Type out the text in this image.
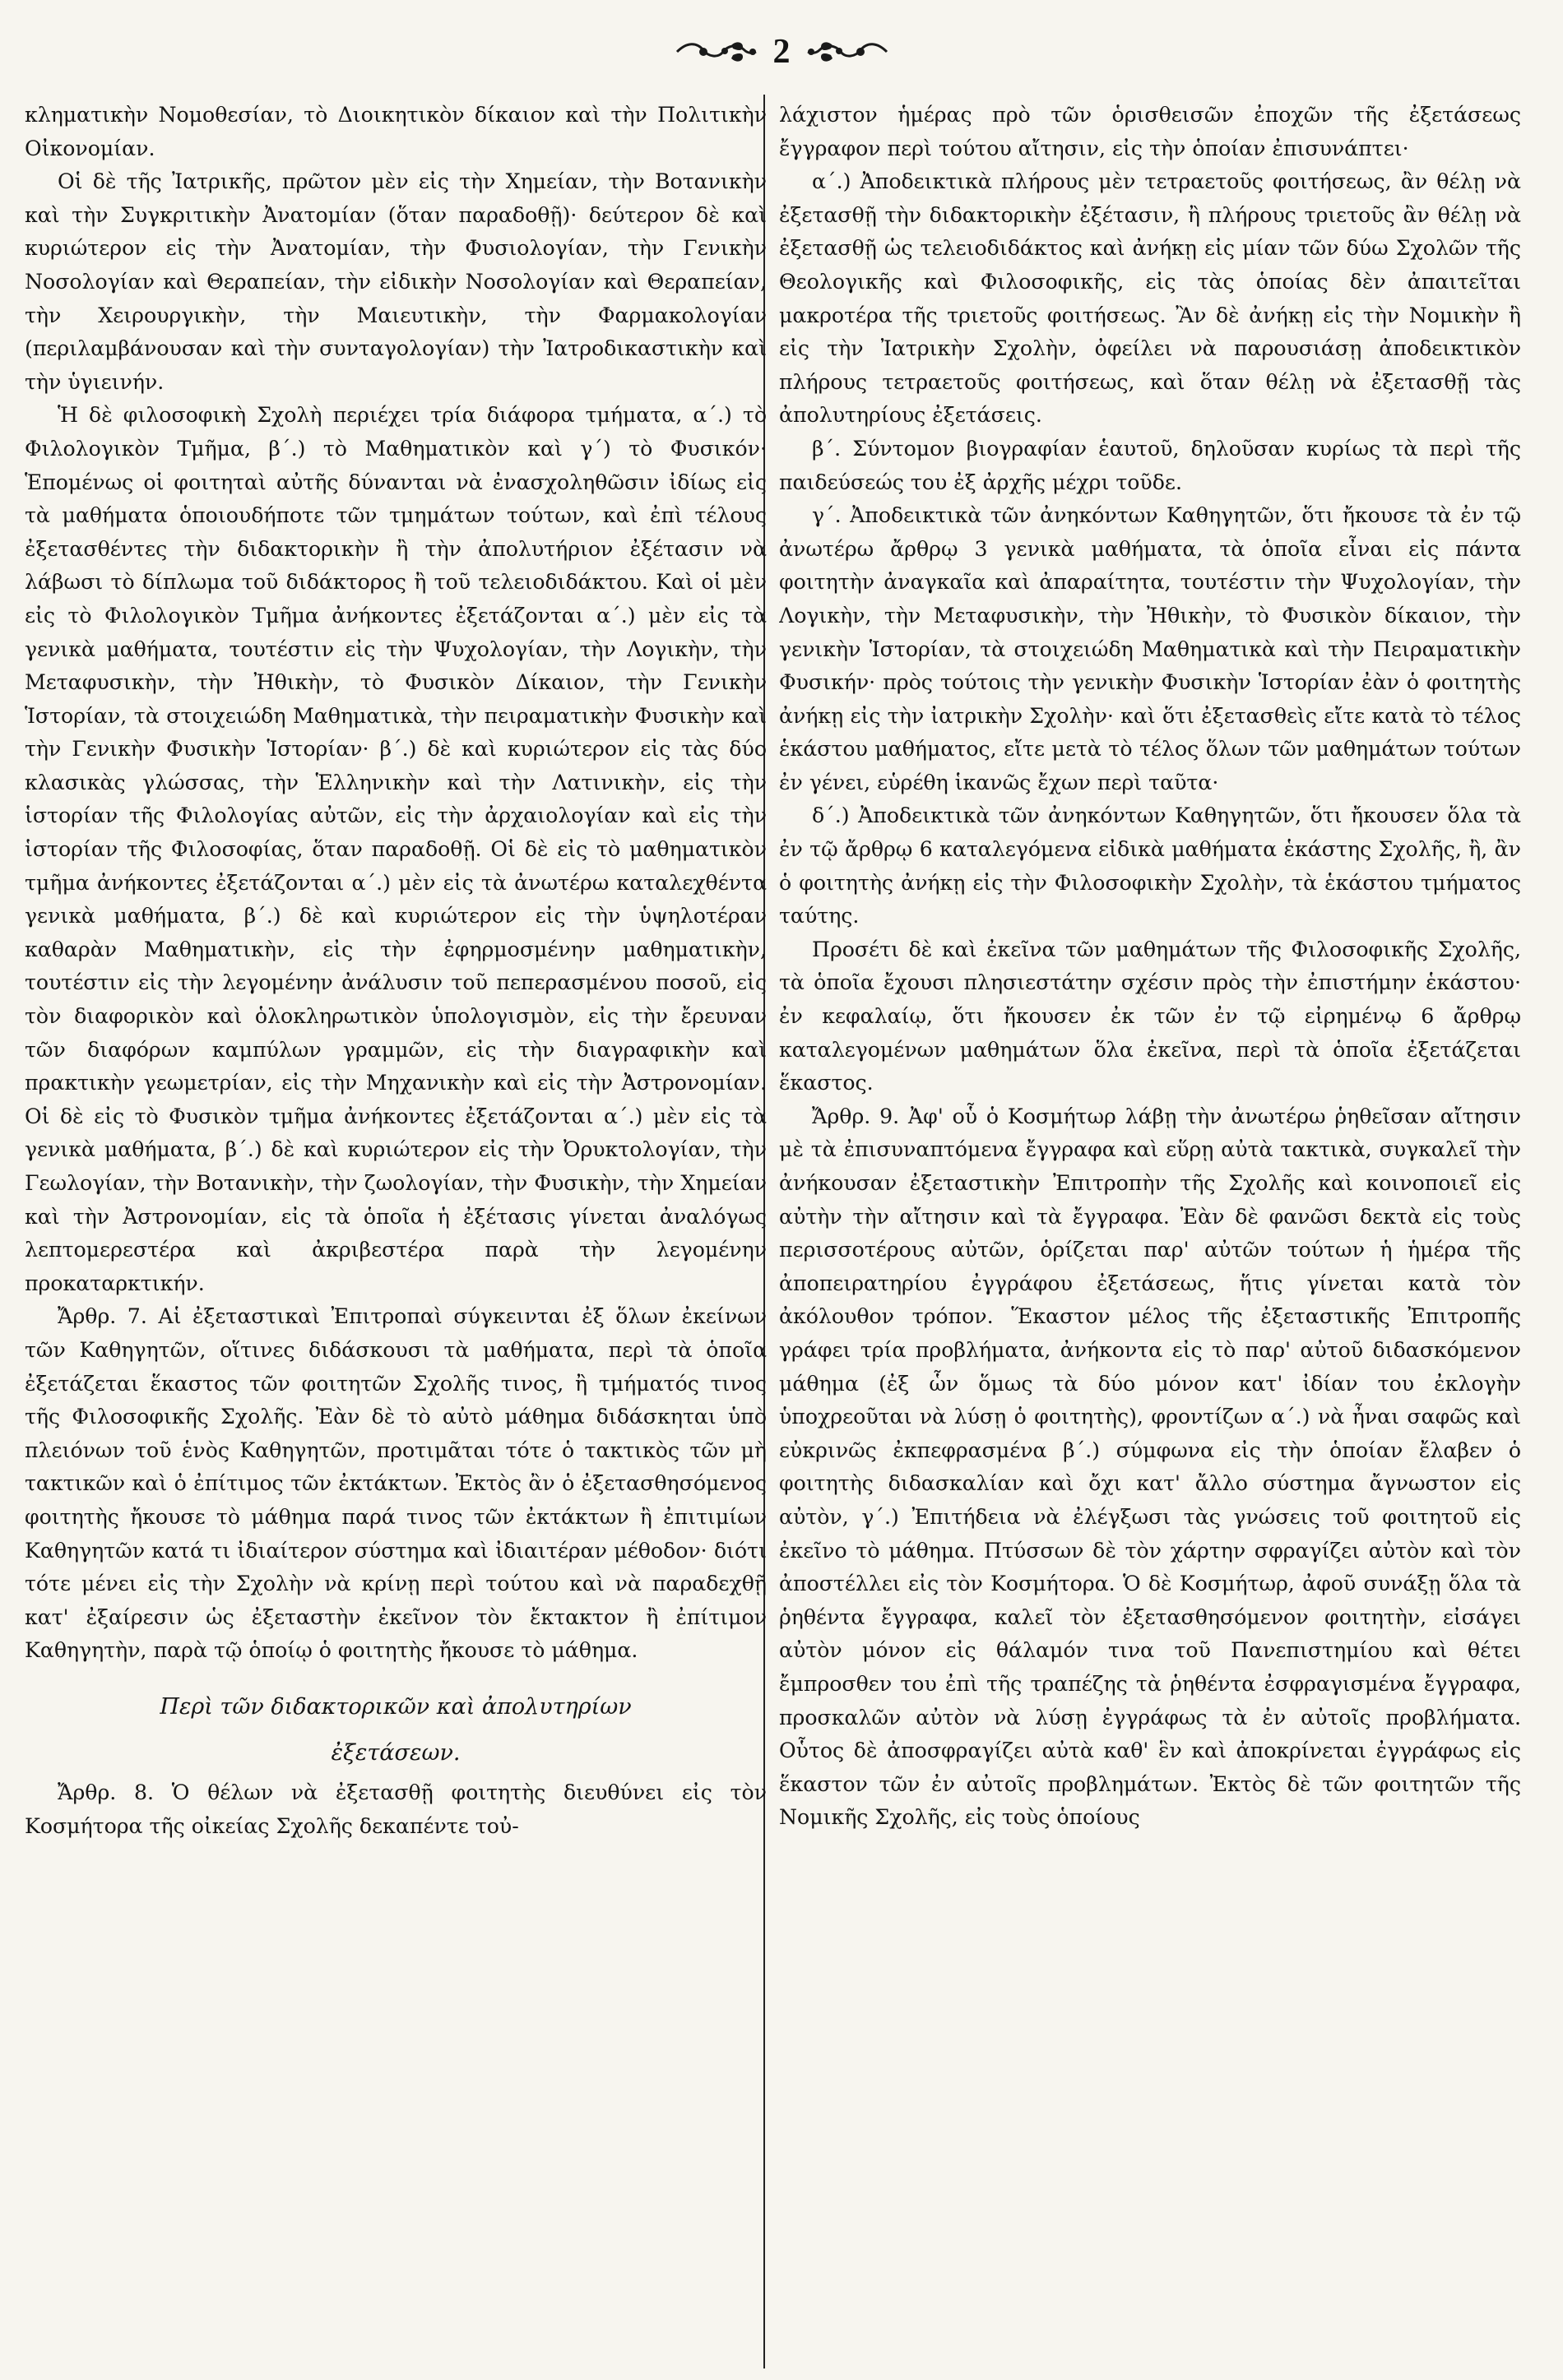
2

κληματικὴν Νομοθεσίαν, τὸ Διοικητικὸν δίκαιον καὶ τὴν Πολιτικὴν Οἰκονομίαν.

Οἱ δὲ τῆς Ἰατρικῆς, πρῶτον μὲν εἰς τὴν Χημείαν, τὴν Βοτανικὴν καὶ τὴν Συγκριτικὴν Ἀνατομίαν (ὅταν παραδοθῇ)· δεύτερον δὲ καὶ κυριώτερον εἰς τὴν Ἀνατομίαν, τὴν Φυσιολογίαν, τὴν Γενικὴν Νοσολογίαν καὶ Θεραπείαν, τὴν εἰδικὴν Νοσολογίαν καὶ Θεραπείαν, τὴν Χειρουργικὴν, τὴν Μαιευτικὴν, τὴν Φαρμακολογίαν (περιλαμβάνουσαν καὶ τὴν συνταγολογίαν) τὴν Ἰατροδικαστικὴν καὶ τὴν ὑγιεινήν.

Ἡ δὲ φιλοσοφικὴ Σχολὴ περιέχει τρία διάφορα τμήματα, α΄.) τὸ Φιλολογικὸν Τμῆμα, β΄.) τὸ Μαθηματικὸν καὶ γ΄) τὸ Φυσικόν· Ἑπομένως οἱ φοιτηταὶ αὐτῆς δύνανται νὰ ἐνασχοληθῶσιν ἰδίως εἰς τὰ μαθήματα ὁποιουδήποτε τῶν τμημάτων τούτων, καὶ ἐπὶ τέλους ἐξετασθέντες τὴν διδακτορικὴν ἢ τὴν ἀπολυτήριον ἐξέτασιν νὰ λάβωσι τὸ δίπλωμα τοῦ διδάκτορος ἢ τοῦ τελειοδιδάκτου. Καὶ οἱ μὲν εἰς τὸ Φιλολογικὸν Τμῆμα ἀνήκοντες ἐξετάζονται α΄.) μὲν εἰς τὰ γενικὰ μαθήματα, τουτέστιν εἰς τὴν Ψυχολογίαν, τὴν Λογικὴν, τὴν Μεταφυσικὴν, τὴν Ἠθικὴν, τὸ Φυσικὸν Δίκαιον, τὴν Γενικὴν Ἱστορίαν, τὰ στοιχειώδη Μαθηματικὰ, τὴν πειραματικὴν Φυσικὴν καὶ τὴν Γενικὴν Φυσικὴν Ἱστορίαν· β΄.) δὲ καὶ κυριώτερον εἰς τὰς δύο κλασικὰς γλώσσας, τὴν Ἑλληνικὴν καὶ τὴν Λατινικὴν, εἰς τὴν ἱστορίαν τῆς Φιλολογίας αὐτῶν, εἰς τὴν ἀρχαιολογίαν καὶ εἰς τὴν ἱστορίαν τῆς Φιλοσοφίας, ὅταν παραδοθῇ. Οἱ δὲ εἰς τὸ μαθηματικὸν τμῆμα ἀνήκοντες ἐξετάζονται α΄.) μὲν εἰς τὰ ἀνωτέρω καταλεχθέντα γενικὰ μαθήματα, β΄.) δὲ καὶ κυριώτερον εἰς τὴν ὑψηλοτέραν καθαρὰν Μαθηματικὴν, εἰς τὴν ἐφηρμοσμένην μαθηματικὴν, τουτέστιν εἰς τὴν λεγομένην ἀνάλυσιν τοῦ πεπερασμένου ποσοῦ, εἰς τὸν διαφορικὸν καὶ ὁλοκληρωτικὸν ὑπολογισμὸν, εἰς τὴν ἔρευναν τῶν διαφόρων καμπύλων γραμμῶν, εἰς τὴν διαγραφικὴν καὶ πρακτικὴν γεωμετρίαν, εἰς τὴν Μηχανικὴν καὶ εἰς τὴν Ἀστρονομίαν. Οἱ δὲ εἰς τὸ Φυσικὸν τμῆμα ἀνήκοντες ἐξετάζονται α΄.) μὲν εἰς τὰ γενικὰ μαθήματα, β΄.) δὲ καὶ κυριώτερον εἰς τὴν Ὀρυκτολογίαν, τὴν Γεωλογίαν, τὴν Βοτανικὴν, τὴν ζωολογίαν, τὴν Φυσικὴν, τὴν Χημείαν καὶ τὴν Ἀστρονομίαν, εἰς τὰ ὁποῖα ἡ ἐξέτασις γίνεται ἀναλόγως λεπτομερεστέρα καὶ ἀκριβεστέρα παρὰ τὴν λεγομένην προκαταρκτικήν.

Ἄρθρ. 7. Αἱ ἐξεταστικαὶ Ἐπιτροπαὶ σύγκεινται ἐξ ὅλων ἐκείνων τῶν Καθηγητῶν, οἵτινες διδάσκουσι τὰ μαθήματα, περὶ τὰ ὁποῖα ἐξετάζεται ἕκαστος τῶν φοιτητῶν Σχολῆς τινος, ἢ τμήματός τινος τῆς Φιλοσοφικῆς Σχολῆς. Ἐὰν δὲ τὸ αὐτὸ μάθημα διδάσκηται ὑπὸ πλειόνων τοῦ ἑνὸς Καθηγητῶν, προτιμᾶται τότε ὁ τακτικὸς τῶν μὴ τακτικῶν καὶ ὁ ἐπίτιμος τῶν ἐκτάκτων. Ἐκτὸς ἂν ὁ ἐξετασθησόμενος φοιτητὴς ἤκουσε τὸ μάθημα παρά τινος τῶν ἐκτάκτων ἢ ἐπιτιμίων Καθηγητῶν κατά τι ἰδιαίτερον σύστημα καὶ ἰδιαιτέραν μέθοδον· διότι τότε μένει εἰς τὴν Σχολὴν νὰ κρίνῃ περὶ τούτου καὶ νὰ παραδεχθῇ κατ' ἐξαίρεσιν ὡς ἐξεταστὴν ἐκεῖνον τὸν ἔκτακτον ἢ ἐπίτιμον Καθηγητὴν, παρὰ τῷ ὁποίῳ ὁ φοιτητὴς ἤκουσε τὸ μάθημα.

Περὶ τῶν διδακτορικῶν καὶ ἀπολυτηρίων
ἐξετάσεων.

Ἄρθρ. 8. Ὁ θέλων νὰ ἐξετασθῇ φοιτητὴς διευθύνει εἰς τὸν Κοσμήτορα τῆς οἰκείας Σχολῆς δεκαπέντε τοὐ-

λάχιστον ἡμέρας πρὸ τῶν ὁρισθεισῶν ἐποχῶν τῆς ἐξετάσεως ἔγγραφον περὶ τούτου αἴτησιν, εἰς τὴν ὁποίαν ἐπισυνάπτει·

α΄.) Ἀποδεικτικὰ πλήρους μὲν τετραετοῦς φοιτήσεως, ἂν θέλῃ νὰ ἐξετασθῇ τὴν διδακτορικὴν ἐξέτασιν, ἢ πλήρους τριετοῦς ἂν θέλῃ νὰ ἐξετασθῇ ὡς τελειοδιδάκτος καὶ ἀνήκῃ εἰς μίαν τῶν δύω Σχολῶν τῆς Θεολογικῆς καὶ Φιλοσοφικῆς, εἰς τὰς ὁποίας δὲν ἀπαιτεῖται μακροτέρα τῆς τριετοῦς φοιτήσεως. Ἂν δὲ ἀνήκῃ εἰς τὴν Νομικὴν ἢ εἰς τὴν Ἰατρικὴν Σχολὴν, ὀφείλει νὰ παρουσιάσῃ ἀποδεικτικὸν πλήρους τετραετοῦς φοιτήσεως, καὶ ὅταν θέλῃ νὰ ἐξετασθῇ τὰς ἀπολυτηρίους ἐξετάσεις.

β΄. Σύντομον βιογραφίαν ἑαυτοῦ, δηλοῦσαν κυρίως τὰ περὶ τῆς παιδεύσεώς του ἐξ ἀρχῆς μέχρι τοῦδε.

γ΄. Ἀποδεικτικὰ τῶν ἀνηκόντων Καθηγητῶν, ὅτι ἤκουσε τὰ ἐν τῷ ἀνωτέρω ἄρθρῳ 3 γενικὰ μαθήματα, τὰ ὁποῖα εἶναι εἰς πάντα φοιτητὴν ἀναγκαῖα καὶ ἀπαραίτητα, τουτέστιν τὴν Ψυχολογίαν, τὴν Λογικὴν, τὴν Μεταφυσικὴν, τὴν Ἠθικὴν, τὸ Φυσικὸν δίκαιον, τὴν γενικὴν Ἱστορίαν, τὰ στοιχειώδη Μαθηματικὰ καὶ τὴν Πειραματικὴν Φυσικήν· πρὸς τούτοις τὴν γενικὴν Φυσικὴν Ἱστορίαν ἐὰν ὁ φοιτητὴς ἀνήκῃ εἰς τὴν ἰατρικὴν Σχολὴν· καὶ ὅτι ἐξετασθεὶς εἴτε κατὰ τὸ τέλος ἑκάστου μαθήματος, εἴτε μετὰ τὸ τέλος ὅλων τῶν μαθημάτων τούτων ἐν γένει, εὑρέθη ἱκανῶς ἔχων περὶ ταῦτα·

δ΄.) Ἀποδεικτικὰ τῶν ἀνηκόντων Καθηγητῶν, ὅτι ἤκουσεν ὅλα τὰ ἐν τῷ ἄρθρῳ 6 καταλεγόμενα εἰδικὰ μαθήματα ἑκάστης Σχολῆς, ἢ, ἂν ὁ φοιτητὴς ἀνήκῃ εἰς τὴν Φιλοσοφικὴν Σχολὴν, τὰ ἑκάστου τμήματος ταύτης.

Προσέτι δὲ καὶ ἐκεῖνα τῶν μαθημάτων τῆς Φιλοσοφικῆς Σχολῆς, τὰ ὁποῖα ἔχουσι πλησιεστάτην σχέσιν πρὸς τὴν ἐπιστήμην ἑκάστου· ἐν κεφαλαίῳ, ὅτι ἤκουσεν ἐκ τῶν ἐν τῷ εἰρημένῳ 6 ἄρθρῳ καταλεγομένων μαθημάτων ὅλα ἐκεῖνα, περὶ τὰ ὁποῖα ἐξετάζεται ἕκαστος.

Ἄρθρ. 9. Ἀφ' οὗ ὁ Κοσμήτωρ λάβῃ τὴν ἀνωτέρω ῥηθεῖσαν αἴτησιν μὲ τὰ ἐπισυναπτόμενα ἔγγραφα καὶ εὕρῃ αὐτὰ τακτικὰ, συγκαλεῖ τὴν ἀνήκουσαν ἐξεταστικὴν Ἐπιτροπὴν τῆς Σχολῆς καὶ κοινοποιεῖ εἰς αὐτὴν τὴν αἴτησιν καὶ τὰ ἔγγραφα. Ἐὰν δὲ φανῶσι δεκτὰ εἰς τοὺς περισσοτέρους αὐτῶν, ὁρίζεται παρ' αὐτῶν τούτων ἡ ἡμέρα τῆς ἀποπειρατηρίου ἐγγράφου ἐξετάσεως, ἥτις γίνεται κατὰ τὸν ἀκόλουθον τρόπον. Ἕκαστον μέλος τῆς ἐξεταστικῆς Ἐπιτροπῆς γράφει τρία προβλήματα, ἀνήκοντα εἰς τὸ παρ' αὐτοῦ διδασκόμενον μάθημα (ἐξ ὧν ὅμως τὰ δύο μόνον κατ' ἰδίαν του ἐκλογὴν ὑποχρεοῦται νὰ λύσῃ ὁ φοιτητὴς), φροντίζων α΄.) νὰ ἦναι σαφῶς καὶ εὐκρινῶς ἐκπεφρασμένα β΄.) σύμφωνα εἰς τὴν ὁποίαν ἔλαβεν ὁ φοιτητὴς διδασκαλίαν καὶ ὄχι κατ' ἄλλο σύστημα ἄγνωστον εἰς αὐτὸν, γ΄.) Ἐπιτήδεια νὰ ἐλέγξωσι τὰς γνώσεις τοῦ φοιτητοῦ εἰς ἐκεῖνο τὸ μάθημα. Πτύσσων δὲ τὸν χάρτην σφραγίζει αὐτὸν καὶ τὸν ἀποστέλλει εἰς τὸν Κοσμήτορα. Ὁ δὲ Κοσμήτωρ, ἀφοῦ συνάξῃ ὅλα τὰ ῥηθέντα ἔγγραφα, καλεῖ τὸν ἐξετασθησόμενον φοιτητὴν, εἰσάγει αὐτὸν μόνον εἰς θάλαμόν τινα τοῦ Πανεπιστημίου καὶ θέτει ἔμπροσθεν του ἐπὶ τῆς τραπέζης τὰ ῥηθέντα ἐσφραγισμένα ἔγγραφα, προσκαλῶν αὐτὸν νὰ λύσῃ ἐγγράφως τὰ ἐν αὐτοῖς προβλήματα. Οὗτος δὲ ἀποσφραγίζει αὐτὰ καθ' ἓν καὶ ἀποκρίνεται ἐγγράφως εἰς ἕκαστον τῶν ἐν αὐτοῖς προβλημάτων. Ἐκτὸς δὲ τῶν φοιτητῶν τῆς Νομικῆς Σχολῆς, εἰς τοὺς ὁποίους
